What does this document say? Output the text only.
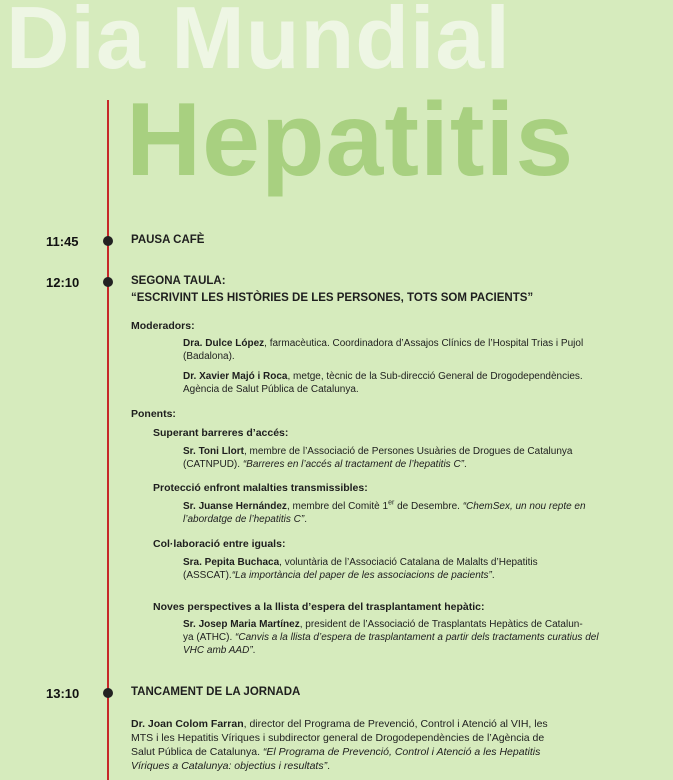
Dia Mundial
Hepatitis
11:45	PAUSA CAFÈ
12:10	SEGONA TAULA:
“ESCRIVINT LES HISTÒRIES DE LES PERSONES, TOTS SOM PACIENTS”
Moderadors:
Dra. Dulce López, farmacèutica. Coordinadora d’Assajos Clínics de l’Hospital Trias i Pujol
(Badalona).
Dr. Xavier Majó i Roca, metge, tècnic de la Sub-direcció General de Drogodependències.
Agència de Salut Pública de Catalunya.
Ponents:
Superant barreres d’accés:
Sr. Toni Llort, membre de l’Associació de Persones Usuàries de Drogues de Catalunya
(CATNPUD). “Barreres en l’accés al tractament de l’hepatitis C”.
Protecció enfront malalties transmissibles:
Sr. Juanse Hernández, membre del Comitè 1er de Desembre. “ChemSex, un nou repte en
l’abordatge de l’hepatitis C”.
Col·laboració entre iguals:
Sra. Pepita Buchaca, voluntària de l’Associació Catalana de Malalts d’Hepatitis
(ASSCAT).“La importància del paper de les associacions de pacients”.
Noves perspectives a la llista d’espera del trasplantament hepàtic:
Sr. Josep Maria Martínez, president de l’Associació de Trasplantats Hepàtics de Catalun-
ya (ATHC). “Canvis a la llista d’espera de trasplantament a partir dels tractaments curatius del
VHC amb AAD”.
13:10	TANCAMENT DE LA JORNADA
Dr. Joan Colom Farran, director del Programa de Prevenció, Control i Atenció al VIH, les
MTS i les Hepatitis Víriques i subdirector general de Drogodependències de l’Agència de
Salut Pública de Catalunya. “El Programa de Prevenció, Control i Atenció a les Hepatitis
Víriques a Catalunya: objectius i resultats”.
